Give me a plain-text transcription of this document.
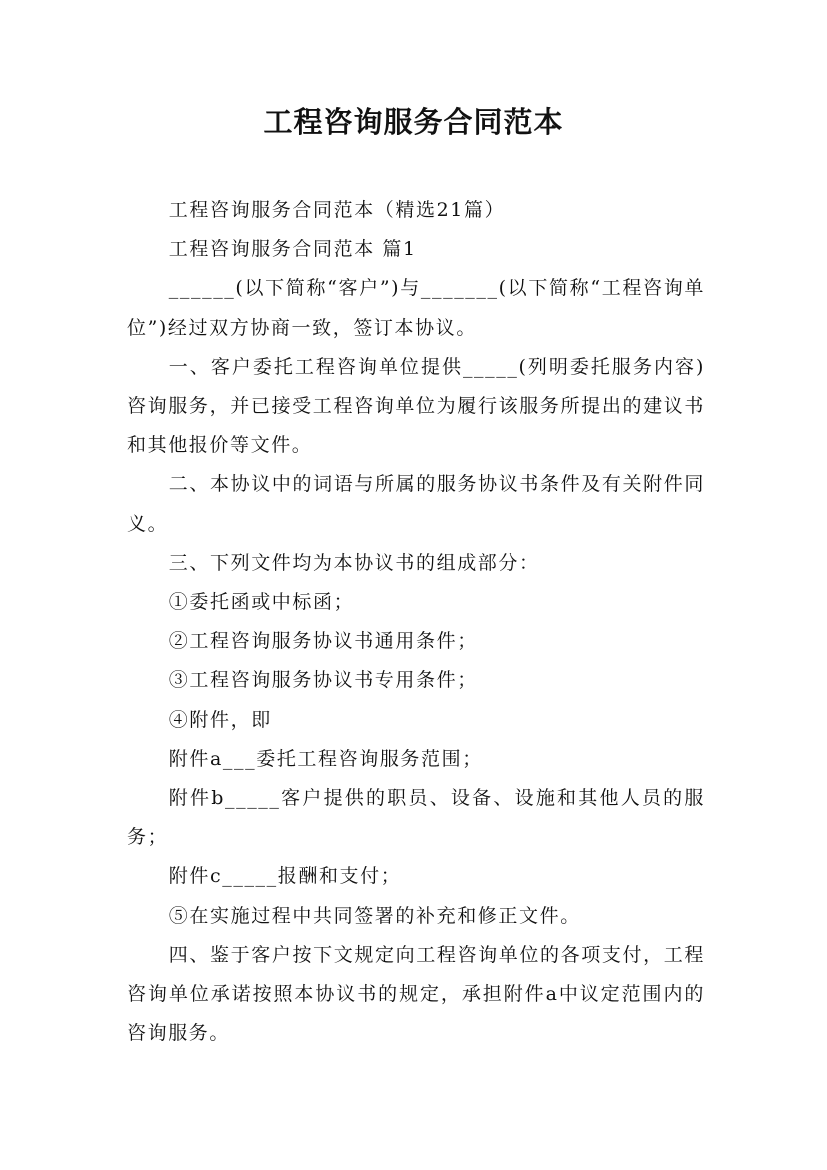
工程咨询服务合同范本

工程咨询服务合同范本（精选21篇）

工程咨询服务合同范本 篇1

______(以下简称“客户”)与_______(以下简称“工程咨询单位”)经过双方协商一致，签订本协议。

一、客户委托工程咨询单位提供_____(列明委托服务内容)咨询服务，并已接受工程咨询单位为履行该服务所提出的建议书和其他报价等文件。

二、本协议中的词语与所属的服务协议书条件及有关附件同义。

三、下列文件均为本协议书的组成部分：

①委托函或中标函；

②工程咨询服务协议书通用条件；

③工程咨询服务协议书专用条件；

④附件，即

附件a___委托工程咨询服务范围；

附件b_____客户提供的职员、设备、设施和其他人员的服务；

附件c_____报酬和支付；

⑤在实施过程中共同签署的补充和修正文件。

四、鉴于客户按下文规定向工程咨询单位的各项支付，工程咨询单位承诺按照本协议书的规定，承担附件a中议定范围内的咨询服务。
